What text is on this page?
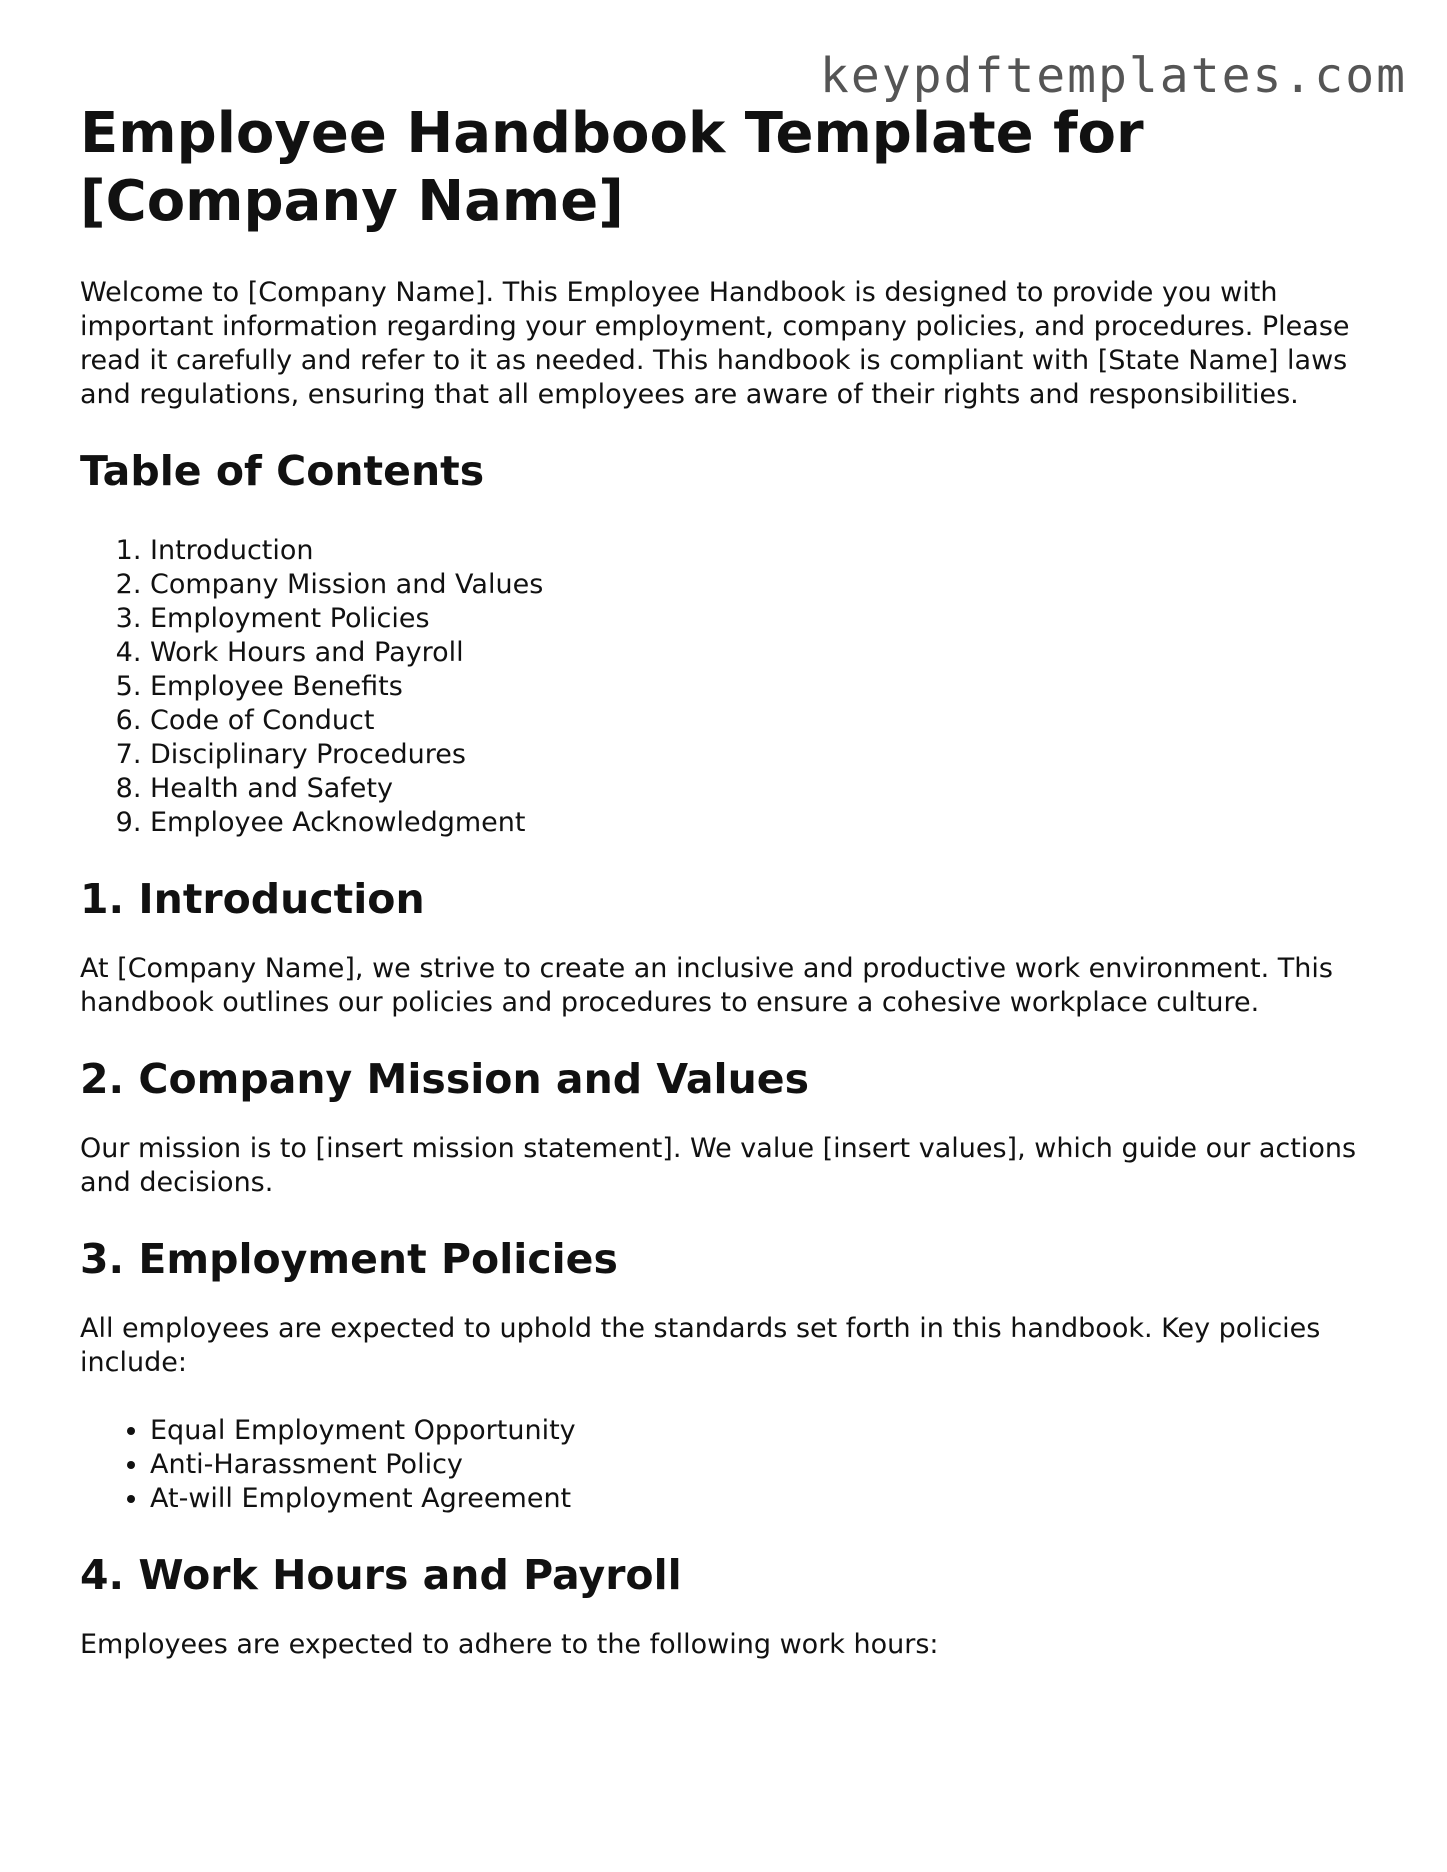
keypdftemplates.com
Employee Handbook Template for [Company Name]

Welcome to [Company Name]. This Employee Handbook is designed to provide you with important information regarding your employment, company policies, and procedures. Please read it carefully and refer to it as needed. This handbook is compliant with [State Name] laws and regulations, ensuring that all employees are aware of their rights and responsibilities.

Table of Contents
1. Introduction
2. Company Mission and Values
3. Employment Policies
4. Work Hours and Payroll
5. Employee Benefits
6. Code of Conduct
7. Disciplinary Procedures
8. Health and Safety
9. Employee Acknowledgment
1. Introduction

At [Company Name], we strive to create an inclusive and productive work environment. This handbook outlines our policies and procedures to ensure a cohesive workplace culture.

2. Company Mission and Values

Our mission is to [insert mission statement]. We value [insert values], which guide our actions and decisions.

3. Employment Policies

All employees are expected to uphold the standards set forth in this handbook. Key policies include:

• Equal Employment Opportunity
• Anti-Harassment Policy
• At-will Employment Agreement
4. Work Hours and Payroll

Employees are expected to adhere to the following work hours:
